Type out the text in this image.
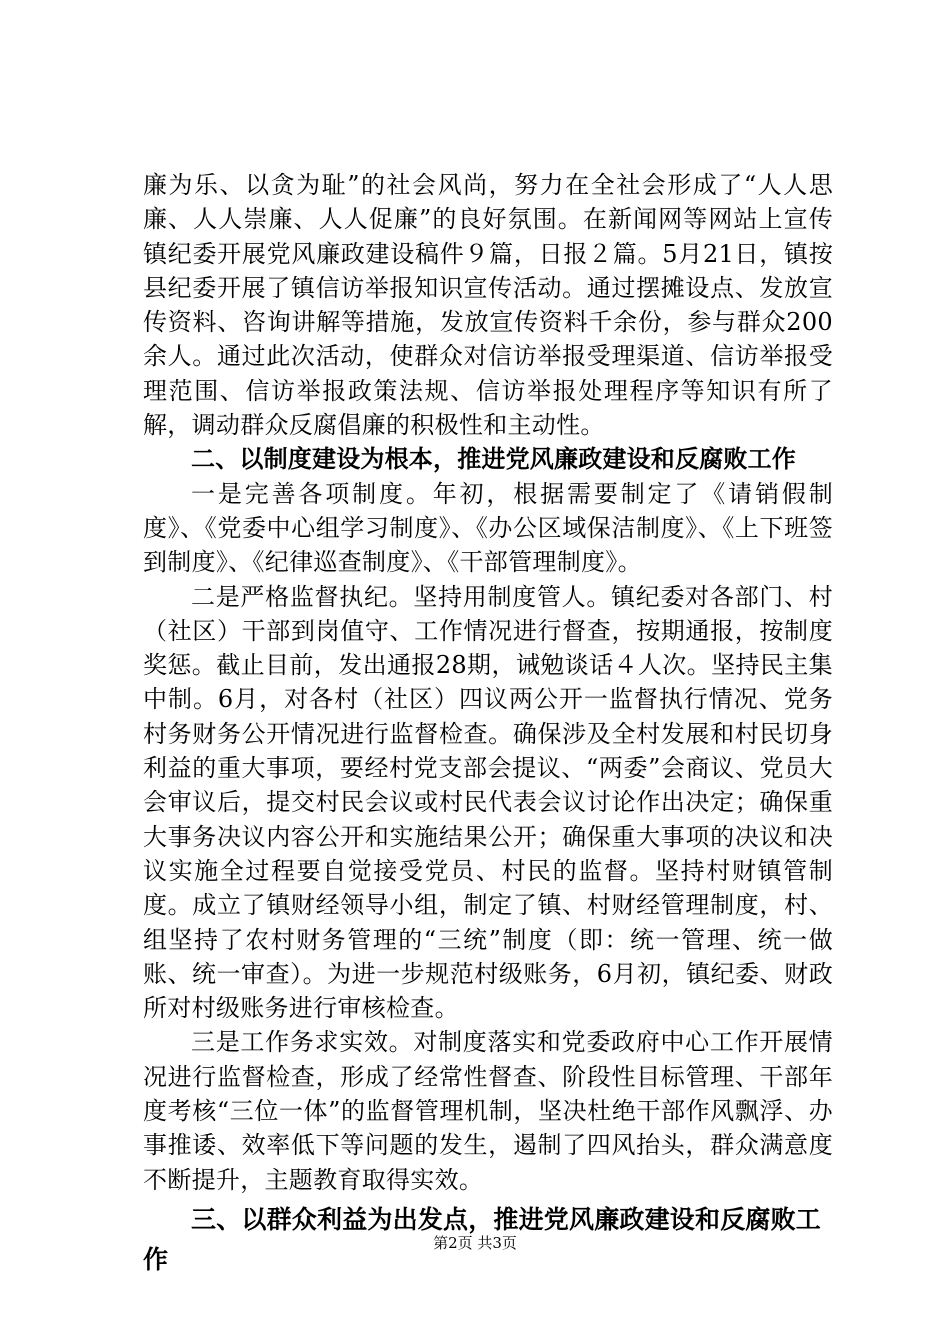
廉为乐、以贪为耻”的社会风尚，努力在全社会形成了“人人思廉、人人崇廉、人人促廉”的良好氛围。在新闻网等网站上宣传镇纪委开展党风廉政建设稿件９篇，日报２篇。5月21日，镇按县纪委开展了镇信访举报知识宣传活动。通过摆摊设点、发放宣传资料、咨询讲解等措施，发放宣传资料千余份，参与群众200余人。通过此次活动，使群众对信访举报受理渠道、信访举报受理范围、信访举报政策法规、信访举报处理程序等知识有所了解，调动群众反腐倡廉的积极性和主动性。

二、以制度建设为根本，推进党风廉政建设和反腐败工作

一是完善各项制度。年初，根据需要制定了《请销假制度》、《党委中心组学习制度》、《办公区域保洁制度》、《上下班签到制度》、《纪律巡查制度》、《干部管理制度》。

二是严格监督执纪。坚持用制度管人。镇纪委对各部门、村（社区）干部到岗值守、工作情况进行督查，按期通报，按制度奖惩。截止目前，发出通报28期，诫勉谈话４人次。坚持民主集中制。6月，对各村（社区）四议两公开一监督执行情况、党务村务财务公开情况进行监督检查。确保涉及全村发展和村民切身利益的重大事项，要经村党支部会提议、“两委”会商议、党员大会审议后，提交村民会议或村民代表会议讨论作出决定；确保重大事务决议内容公开和实施结果公开；确保重大事项的决议和决议实施全过程要自觉接受党员、村民的监督。坚持村财镇管制度。成立了镇财经领导小组，制定了镇、村财经管理制度，村、组坚持了农村财务管理的“三统”制度（即：统一管理、统一做账、统一审查）。为进一步规范村级账务，6月初，镇纪委、财政所对村级账务进行审核检查。

三是工作务求实效。对制度落实和党委政府中心工作开展情况进行监督检查，形成了经常性督查、阶段性目标管理、干部年度考核“三位一体”的监督管理机制，坚决杜绝干部作风飘浮、办事推诿、效率低下等问题的发生，遏制了四风抬头，群众满意度不断提升，主题教育取得实效。

三、以群众利益为出发点，推进党风廉政建设和反腐败工作

第2页 共3页
